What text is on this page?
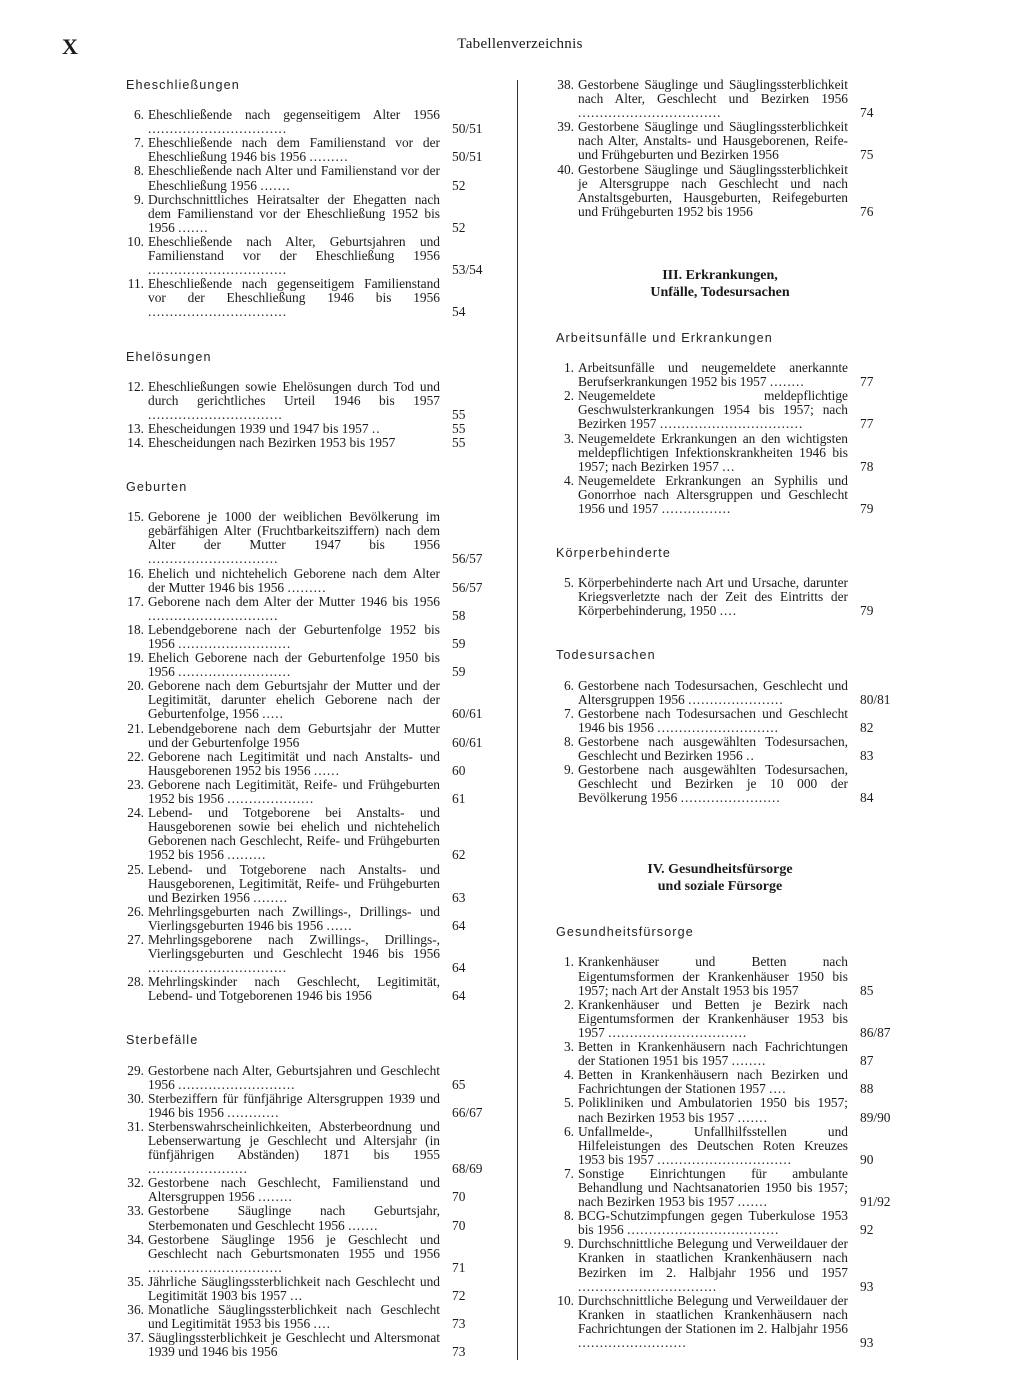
X	Tabellenverzeichnis
Eheschließungen
6. Eheschließende nach gegenseitigem Alter 1956 ................................	50/51
7. Eheschließende nach dem Familienstand vor der Eheschließung 1946 bis 1956 .........	50/51
8. Eheschließende nach Alter und Familienstand vor der Eheschließung 1956 .......	52
9. Durchschnittliches Heiratsalter der Ehegatten nach dem Familienstand vor der Eheschließung 1952 bis 1956 .......	52
10. Eheschließende nach Alter, Geburtsjahren und Familienstand vor der Eheschließung 1956 ................................	53/54
11. Eheschließende nach gegenseitigem Familienstand vor der Eheschließung 1946 bis 1956 ................................	54
Ehelösungen
12. Eheschließungen sowie Ehelösungen durch Tod und durch gerichtliches Urteil 1946 bis 1957 ...............................	55
13. Ehescheidungen 1939 und 1947 bis 1957 ..	55
14. Ehescheidungen nach Bezirken 1953 bis 1957	55
Geburten
15. Geborene je 1000 der weiblichen Bevölkerung im gebärfähigen Alter (Fruchtbarkeitsziffern) nach dem Alter der Mutter 1947 bis 1956 ..............................	56/57
16. Ehelich und nichtehelich Geborene nach dem Alter der Mutter 1946 bis 1956 .........	56/57
17. Geborene nach dem Alter der Mutter 1946 bis 1956 ..............................	58
18. Lebendgeborene nach der Geburtenfolge 1952 bis 1956 ..........................	59
19. Ehelich Geborene nach der Geburtenfolge 1950 bis 1956 ..........................	59
20. Geborene nach dem Geburtsjahr der Mutter und der Legitimität, darunter ehelich Geborene nach der Geburtenfolge, 1956 .....	60/61
21. Lebendgeborene nach dem Geburtsjahr der Mutter und der Geburtenfolge 1956	60/61
22. Geborene nach Legitimität und nach Anstalts- und Hausgeborenen 1952 bis 1956 ......	60
23. Geborene nach Legitimität, Reife- und Frühgeburten 1952 bis 1956 ....................	61
24. Lebend- und Totgeborene bei Anstalts- und Hausgeborenen sowie bei ehelich und nichtehelich Geborenen nach Geschlecht, Reife- und Frühgeburten 1952 bis 1956 .........	62
25. Lebend- und Totgeborene nach Anstalts- und Hausgeborenen, Legitimität, Reife- und Frühgeburten und Bezirken 1956 ........	63
26. Mehrlingsgeburten nach Zwillings-, Drillings- und Vierlingsgeburten 1946 bis 1956 ......	64
27. Mehrlingsgeborene nach Zwillings-, Drillings-, Vierlingsgeburten und Geschlecht 1946 bis 1956 ................................	64
28. Mehrlingskinder nach Geschlecht, Legitimität, Lebend- und Totgeborenen 1946 bis 1956	64
Sterbefälle
29. Gestorbene nach Alter, Geburtsjahren und Geschlecht 1956 ...........................	65
30. Sterbeziffern für fünfjährige Altersgruppen 1939 und 1946 bis 1956 ............	66/67
31. Sterbenswahrscheinlichkeiten, Absterbeordnung und Lebenserwartung je Geschlecht und Altersjahr (in fünfjährigen Abständen) 1871 bis 1955 .......................	68/69
32. Gestorbene nach Geschlecht, Familienstand und Altersgruppen 1956 ........	70
33. Gestorbene Säuglinge nach Geburtsjahr, Sterbemonaten und Geschlecht 1956 .......	70
34. Gestorbene Säuglinge 1956 je Geschlecht und Geschlecht nach Geburtsmonaten 1955 und 1956 ...............................	71
35. Jährliche Säuglingssterblichkeit nach Geschlecht und Legitimität 1903 bis 1957 ...	72
36. Monatliche Säuglingssterblichkeit nach Geschlecht und Legitimität 1953 bis 1956 ....	73
37. Säuglingssterblichkeit je Geschlecht und Altersmonat 1939 und 1946 bis 1956	73
38. Gestorbene Säuglinge und Säuglingssterblichkeit nach Alter, Geschlecht und Bezirken 1956 .................................	74
39. Gestorbene Säuglinge und Säuglingssterblichkeit nach Alter, Anstalts- und Hausgeborenen, Reife- und Frühgeburten und Bezirken 1956	75
40. Gestorbene Säuglinge und Säuglingssterblichkeit je Altersgruppe nach Geschlecht und nach Anstaltsgeburten, Hausgeburten, Reifegeburten und Frühgeburten 1952 bis 1956	76
III. Erkrankungen,
Unfälle, Todesursachen
Arbeitsunfälle und Erkrankungen
1. Arbeitsunfälle und neugemeldete anerkannte Berufserkrankungen 1952 bis 1957 ........	77
2. Neugemeldete meldepflichtige Geschwulsterkrankungen 1954 bis 1957; nach Bezirken 1957 .................................	77
3. Neugemeldete Erkrankungen an den wichtigsten meldepflichtigen Infektionskrankheiten 1946 bis 1957; nach Bezirken 1957 ...	78
4. Neugemeldete Erkrankungen an Syphilis und Gonorrhoe nach Altersgruppen und Geschlecht 1956 und 1957 ................	79
Körperbehinderte
5. Körperbehinderte nach Art und Ursache, darunter Kriegsverletzte nach der Zeit des Eintritts der Körperbehinderung, 1950 ....	79
Todesursachen
6. Gestorbene nach Todesursachen, Geschlecht und Altersgruppen 1956 ......................	80/81
7. Gestorbene nach Todesursachen und Geschlecht 1946 bis 1956 ............................	82
8. Gestorbene nach ausgewählten Todesursachen, Geschlecht und Bezirken 1956 ..	83
9. Gestorbene nach ausgewählten Todesursachen, Geschlecht und Bezirken je 10 000 der Bevölkerung 1956 .......................	84
IV. Gesundheitsfürsorge
und soziale Fürsorge
Gesundheitsfürsorge
1. Krankenhäuser und Betten nach Eigentumsformen der Krankenhäuser 1950 bis 1957; nach Art der Anstalt 1953 bis 1957	85
2. Krankenhäuser und Betten je Bezirk nach Eigentumsformen der Krankenhäuser 1953 bis 1957 ................................	86/87
3. Betten in Krankenhäusern nach Fachrichtungen der Stationen 1951 bis 1957 ........	87
4. Betten in Krankenhäusern nach Bezirken und Fachrichtungen der Stationen 1957 ....	88
5. Polikliniken und Ambulatorien 1950 bis 1957; nach Bezirken 1953 bis 1957 .......	89/90
6. Unfallmelde-, Unfallhilfsstellen und Hilfeleistungen des Deutschen Roten Kreuzes 1953 bis 1957 ...............................	90
7. Sonstige Einrichtungen für ambulante Behandlung und Nachtsanatorien 1950 bis 1957; nach Bezirken 1953 bis 1957 .......	91/92
8. BCG-Schutzimpfungen gegen Tuberkulose 1953 bis 1956 ...................................	92
9. Durchschnittliche Belegung und Verweildauer der Kranken in staatlichen Krankenhäusern nach Bezirken im 2. Halbjahr 1956 und 1957 ................................	93
10. Durchschnittliche Belegung und Verweildauer der Kranken in staatlichen Krankenhäusern nach Fachrichtungen der Stationen im 2. Halbjahr 1956 .........................	93
